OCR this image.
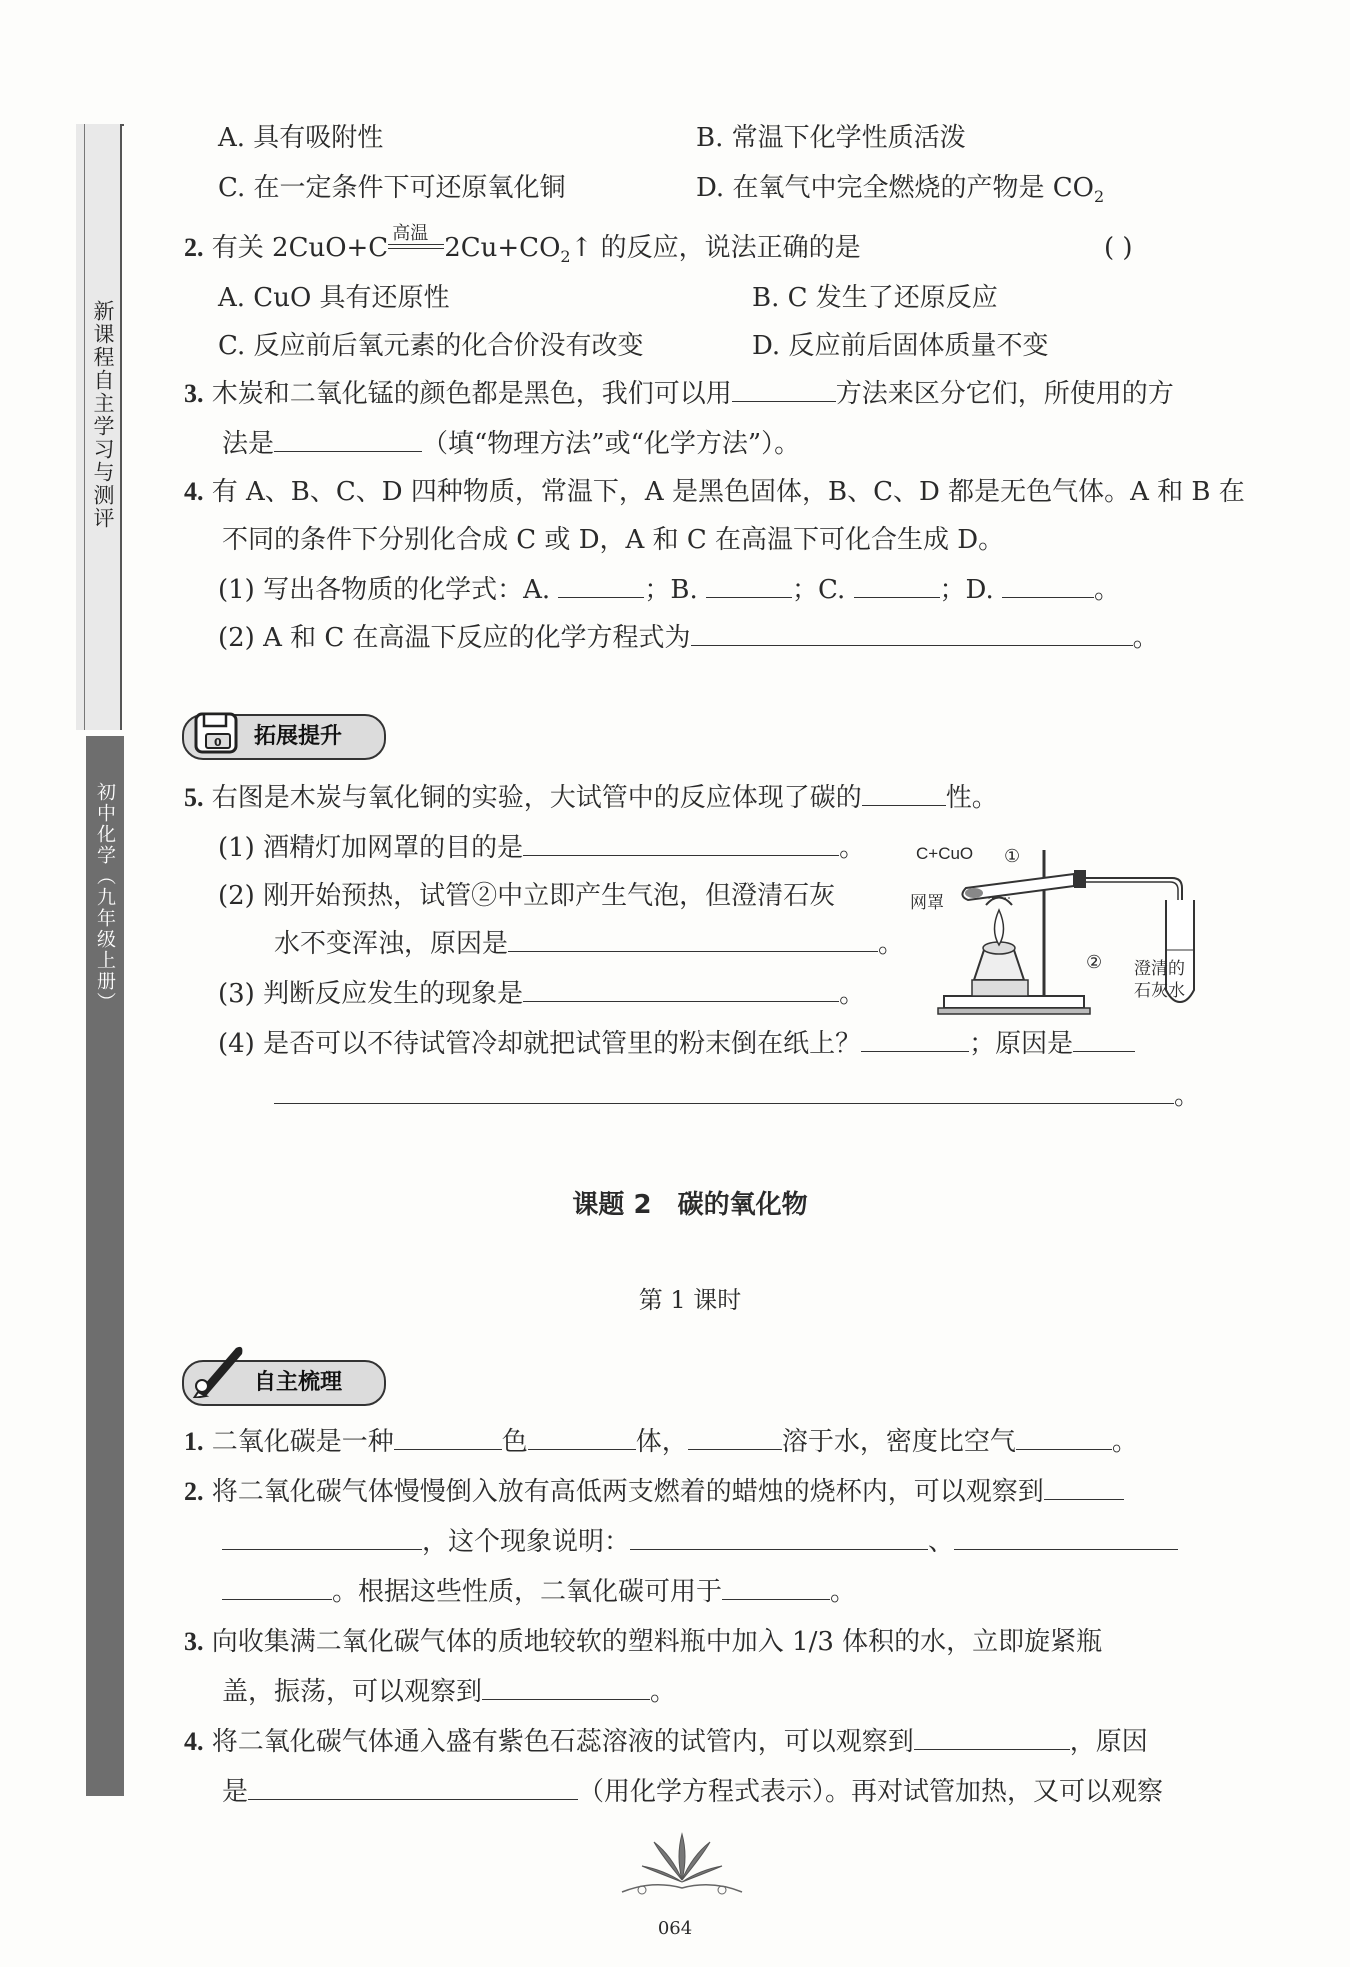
新课程自主学习与测评
初中化学（九年级上册）
A. 具有吸附性	B. 常温下化学性质活泼
C. 在一定条件下可还原氧化铜	D. 在氧气中完全燃烧的产物是 $CO_2$
2. 有关 2CuO+C 高温 $2Cu+CO_2↑$ 的反应，说法正确的是	( )
A. CuO 具有还原性	B. C 发生了还原反应
C. 反应前后氧元素的化合价没有改变	D. 反应前后固体质量不变
3. 木炭和二氧化锰的颜色都是黑色，我们可以用	方法来区分它们，所使用的方
法是	（填“物理方法”或“化学方法”）。
4. 有 A、B、C、D 四种物质，常温下，A 是黑色固体，B、C、D 都是无色气体。A 和 B 在
不同的条件下分别化合成 C 或 D，A 和 C 在高温下可化合生成 D。
(1) 写出各物质的化学式：A.	；B.	；C.	；D.	。
(2) A 和 C 在高温下反应的化学方程式为	。
0 拓展提升
5. 右图是木炭与氧化铜的实验，大试管中的反应体现了碳的	性。
(1) 酒精灯加网罩的目的是	。
(2) 刚开始预热，试管②中立即产生气泡，但澄清石灰
水不变浑浊，原因是	。
(3) 判断反应发生的现象是	。
(4) 是否可以不待试管冷却就把试管里的粉末倒在纸上？	；原因是
。
C+CuO ①
网罩
② 澄清的
石灰水
课题 2　碳的氧化物
第 1 课时
自主梳理
1. 二氧化碳是一种	色	体，	溶于水，密度比空气	。
2. 将二氧化碳气体慢慢倒入放有高低两支燃着的蜡烛的烧杯内，可以观察到
，这个现象说明：	、
。根据这些性质，二氧化碳可用于	。
3. 向收集满二氧化碳气体的质地较软的塑料瓶中加入 1/3 体积的水，立即旋紧瓶
盖，振荡，可以观察到	。
4. 将二氧化碳气体通入盛有紫色石蕊溶液的试管内，可以观察到	，原因
是	（用化学方程式表示）。再对试管加热，又可以观察
064
